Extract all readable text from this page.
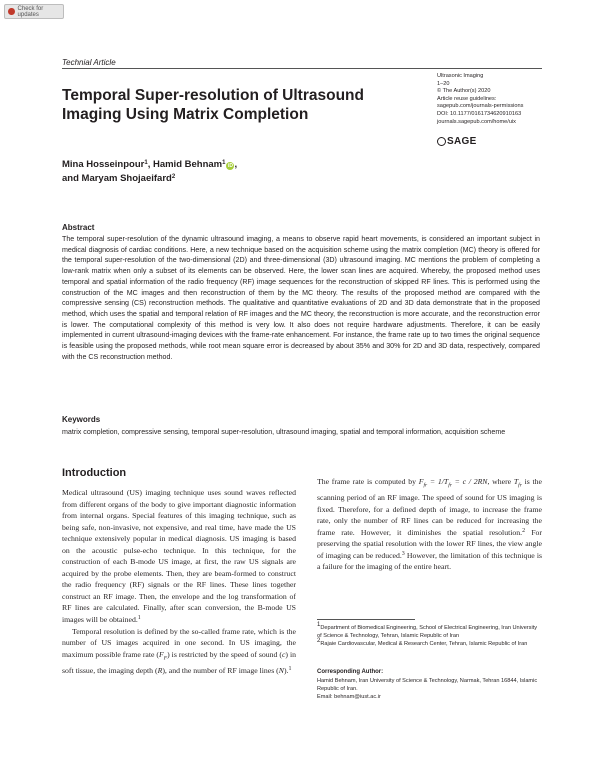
Check for updates
Technial Article
Temporal Super-resolution of Ultrasound Imaging Using Matrix Completion
Ultrasonic Imaging
1–20
© The Author(s) 2020
Article reuse guidelines:
sagepub.com/journals-permissions
DOI: 10.1177/0161734620910163
journals.sagepub.com/home/uix
SAGE
Mina Hosseinpour$^1$, Hamid Behnam$^1$ iD ,
and Maryam Shojaeifard$^2$
Abstract
The temporal super-resolution of the dynamic ultrasound imaging, a means to observe rapid heart movements, is considered an important subject in medical diagnosis of cardiac conditions. Here, a new technique based on the acquisition scheme using the matrix completion (MC) theory is offered for the temporal super-resolution of the two-dimensional (2D) and three-dimensional (3D) ultrasound imaging. MC mentions the problem of completing a low-rank matrix when only a subset of its elements can be observed. Here, the lower scan lines are acquired. Whereby, the proposed method uses temporal and spatial information of the radio frequency (RF) image sequences for the reconstruction of skipped RF lines. This is performed using the construction of the MC images and then reconstruction of them by the MC theory. The results of the proposed method are compared with the compressive sensing (CS) reconstruction methods. The qualitative and quantitative evaluations of 2D and 3D data demonstrate that in the proposed method, which uses the spatial and temporal relation of RF images and the MC theory, the reconstruction is more accurate, and the reconstruction error is lower. The computational complexity of this method is very low. It also does not require hardware adjustments. Therefore, it can be easily implemented in current ultrasound-imaging devices with the frame-rate enhancement. For instance, the frame rate up to two times the original sequence is feasible using the proposed methods, while root mean square error is decreased by about 35% and 30% for 2D and 3D data, respectively, compared with the CS reconstruction method.
Keywords
matrix completion, compressive sensing, temporal super-resolution, ultrasound imaging, spatial and temporal information, acquisition scheme
Introduction

Medical ultrasound (US) imaging technique uses sound waves reflected from different organs of the body to give important diagnostic information from internal organs. Special features of this imaging technique, such as being safe, non-invasive, not expensive, and real time, have made the US technique extensively popular in medical diagnosis. US imaging is based on the acoustic pulse-echo technique. In this technique, for the construction of each B-mode US image, at first, the raw US signals are acquired by the probe elements. Then, they are beam-formed to construct the radio frequency (RF) signals or the RF lines. These lines together construct an RF image. Then, the envelope and the log transformation of RF lines are calculated. Finally, after scan conversion, the B-mode US images will be obtained.$^1$

Temporal resolution is defined by the so-called frame rate, which is the number of US images acquired in one second. In US imaging, the maximum possible frame rate $(F_F)$ is restricted by the speed of sound (c) in soft tissue, the imaging depth (R), and the number of RF image lines (N).$^1$

The frame rate is computed by $F_{fr} = 1/T_{fr} = c / 2RN$, where $T_{fr}$ is the scanning period of an RF image. The speed of sound for US imaging is fixed. Therefore, for a defined depth of image, to increase the frame rate, only the number of RF lines can be reduced for increasing the frame rate. However, it diminishes the spatial resolution.$^2$ For preserving the spatial resolution with the lower RF lines, the view angle of imaging can be reduced.$^3$ However, the limitation of this technique is a failure for the imaging of the entire heart.

$^1$Department of Biomedical Engineering, School of Electrical Engineering, Iran University of Science & Technology, Tehran, Islamic Republic of Iran
$^2$Rajaie Cardiovascular, Medical & Research Center, Tehran, Islamic Republic of Iran
Corresponding Author:
Hamid Behnam, Iran University of Science & Technology, Narmak, Tehran 16844, Islamic Republic of Iran.
Email: behnam@iust.ac.ir
